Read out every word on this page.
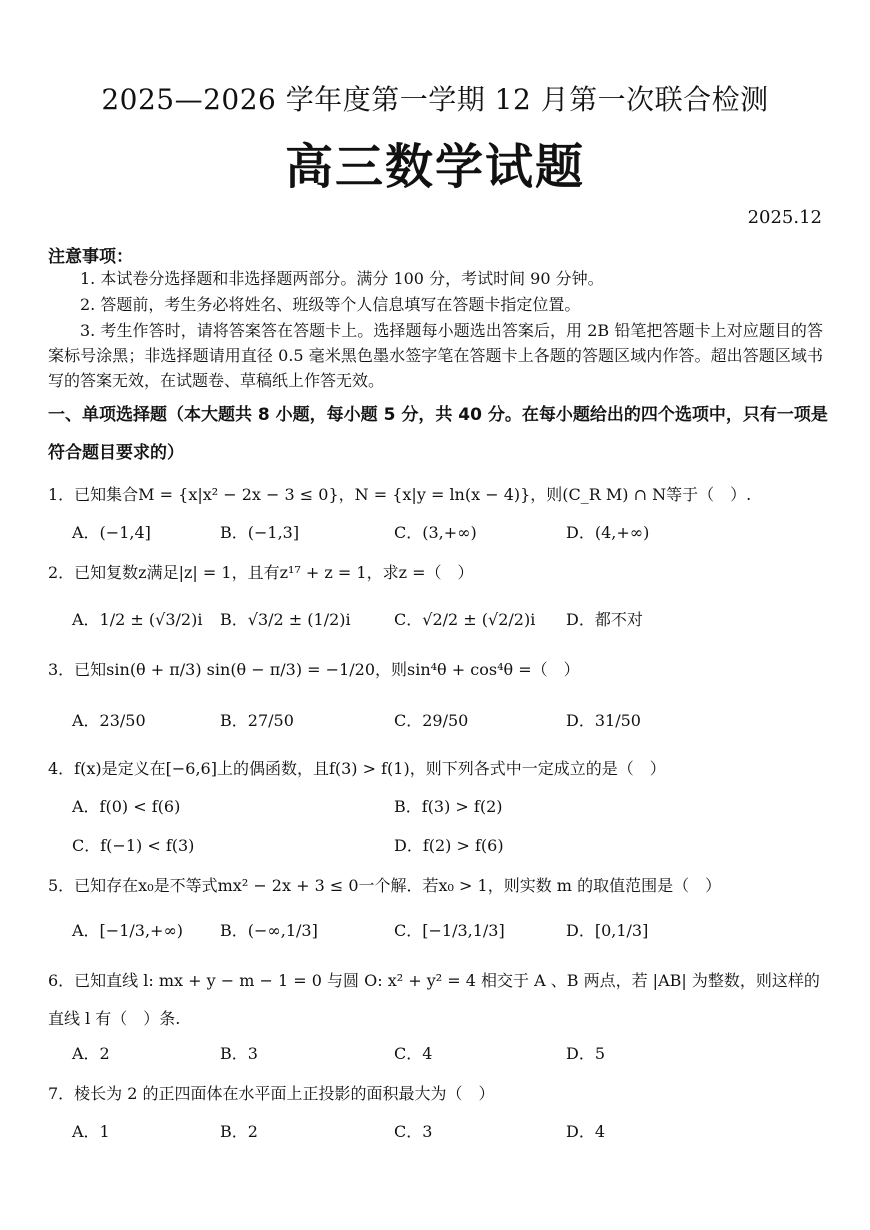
2025—2026 学年度第一学期 12 月第一次联合检测
高三数学试题
2025.12
注意事项：
1. 本试卷分选择题和非选择题两部分。满分 100 分，考试时间 90 分钟。
2. 答题前，考生务必将姓名、班级等个人信息填写在答题卡指定位置。
3. 考生作答时，请将答案答在答题卡上。选择题每小题选出答案后，用 2B 铅笔把答题卡上对应题目的答案标号涂黑；非选择题请用直径 0.5 毫米黑色墨水签字笔在答题卡上各题的答题区域内作答。超出答题区域书写的答案无效，在试题卷、草稿纸上作答无效。
一、单项选择题（本大题共 8 小题，每小题 5 分，共 40 分。在每小题给出的四个选项中，只有一项是符合题目要求的）
1．已知集合M = {x|x² − 2x − 3 ≤ 0}，N = {x|y = ln(x − 4)}，则(C_R M) ∩ N等于（　）.
A．(−1,4]	B．(−1,3]	C．(3,+∞)	D．(4,+∞)
2．已知复数z满足|z| = 1，且有z¹⁷ + z = 1，求z =（　）
A．1/2 ± (√3/2)i B．√3/2 ± (1/2)i	C．√2/2 ± (√2/2)i D．都不对
3．已知sin(θ + π/3) sin(θ − π/3) = −1/20，则sin⁴θ + cos⁴θ =（　）
A．23/50	B．27/50	C．29/50	D．31/50
4．f(x)是定义在[−6,6]上的偶函数，且f(3) > f(1)，则下列各式中一定成立的是（　）
A．f(0) < f(6)	B．f(3) > f(2)
C．f(−1) < f(3)	D．f(2) > f(6)
5．已知存在x₀是不等式mx² − 2x + 3 ≤ 0一个解．若x₀ > 1，则实数 m 的取值范围是（　）
A．[−1/3,+∞) B．(−∞,1/3]	C．[−1/3,1/3]	D．[0,1/3]
6．已知直线 l: mx + y − m − 1 = 0 与圆 O: x² + y² = 4 相交于 A 、B 两点，若 |AB| 为整数，则这样的直线 l 有（　）条.
A．2	B．3	C．4	D．5
7．棱长为 2 的正四面体在水平面上正投影的面积最大为（　）
A．1	B．2	C．3	D．4
